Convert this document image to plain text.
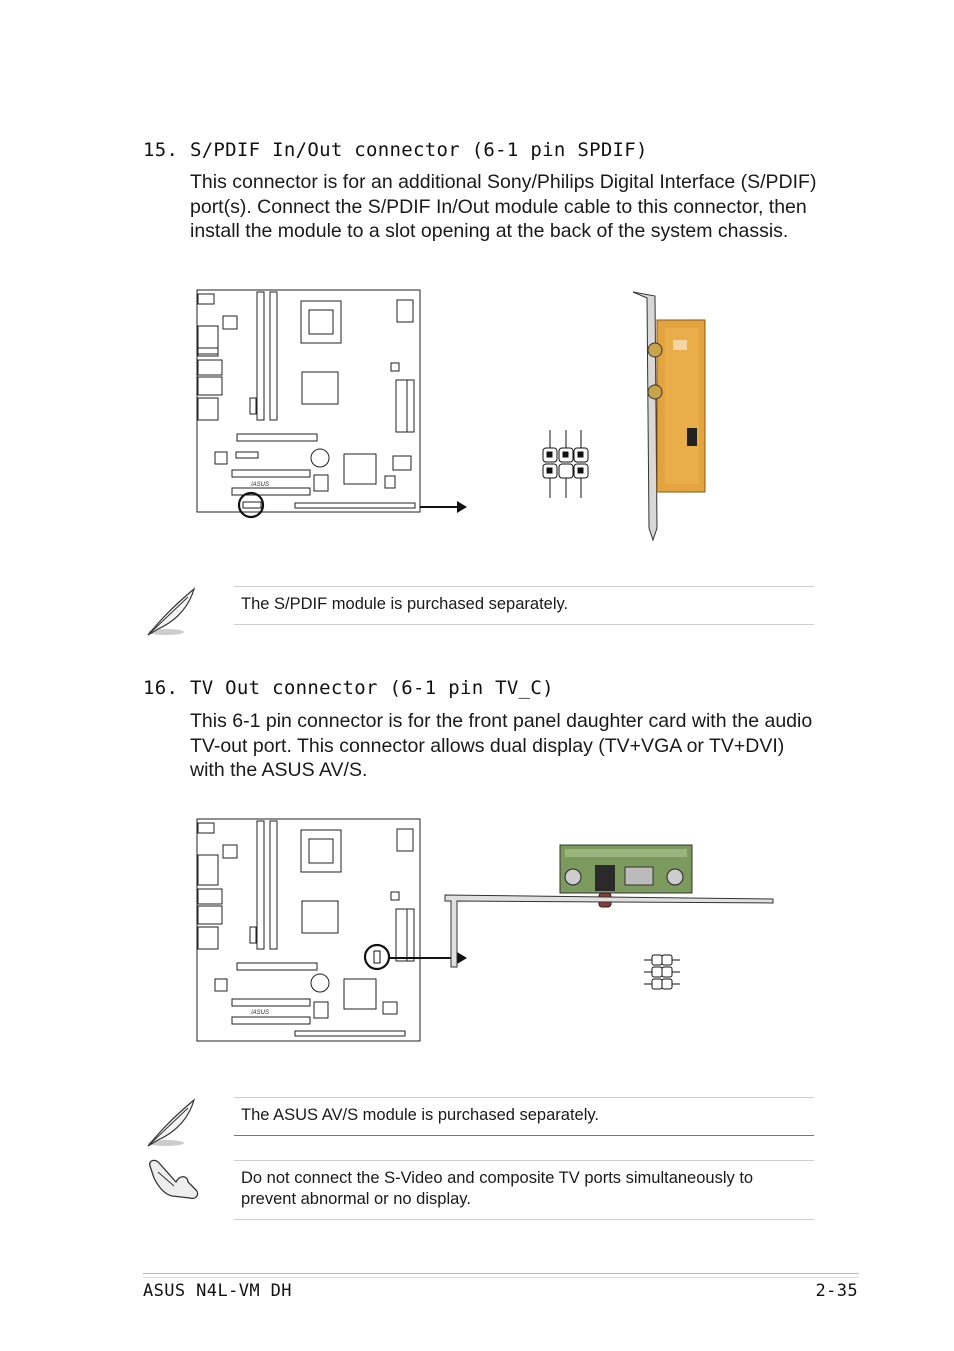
15. S/PDIF In/Out connector (6-1 pin SPDIF)
This connector is for an additional Sony/Philips Digital Interface (S/PDIF) port(s). Connect the S/PDIF In/Out module cable to this connector, then install the module to a slot opening at the back of the system chassis.
/ASUS
The S/PDIF module is purchased separately.
16. TV Out connector (6-1 pin TV_C)
This 6-1 pin connector is for the front panel daughter card with the audio TV-out port. This connector allows dual display (TV+VGA or TV+DVI) with the ASUS AV/S.
/ASUS
The ASUS AV/S module is purchased separately.
Do not connect the S-Video and composite TV ports simultaneously to prevent abnormal or no display.
ASUS N4L-VM DH	2-35
